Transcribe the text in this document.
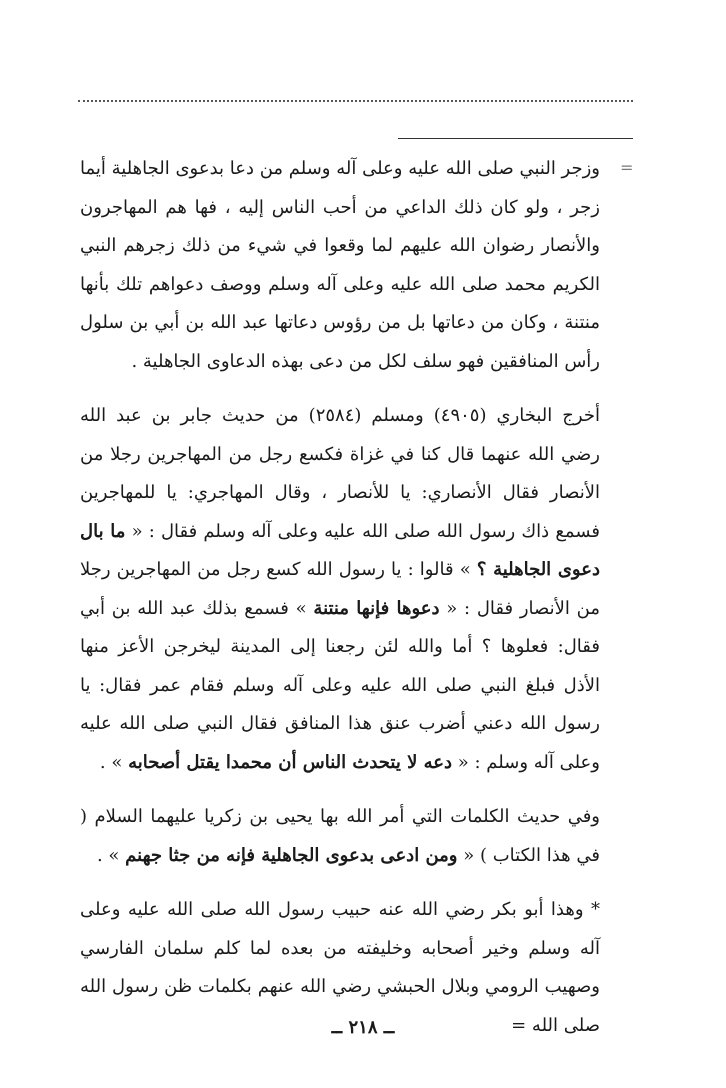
=

وزجر النبي صلى الله عليه وعلى آله وسلم من دعا بدعوى الجاهلية أيما زجر ، ولو كان ذلك الداعي من أحب الناس إليه ، فها هم المهاجرون والأنصار رضوان الله عليهم لما وقعوا في شيء من ذلك زجرهم النبي الكريم محمد صلى الله عليه وعلى آله وسلم ووصف دعواهم تلك بأنها منتنة ، وكان من دعاتها بل من رؤوس دعاتها عبد الله بن أبي بن سلول رأس المنافقين فهو سلف لكل من دعى بهذه الدعاوى الجاهلية .

أخرج البخاري (٤٩٠٥) ومسلم (٢٥٨٤) من حديث جابر بن عبد الله رضي الله عنهما قال كنا في غزاة فكسع رجل من المهاجرين رجلا من الأنصار فقال الأنصاري: يا للأنصار ، وقال المهاجري: يا للمهاجرين فسمع ذاك رسول الله صلى الله عليه وعلى آله وسلم فقال : « ما بال دعوى الجاهلية ؟ » قالوا : يا رسول الله كسع رجل من المهاجرين رجلا من الأنصار فقال : « دعوها فإنها منتنة » فسمع بذلك عبد الله بن أبي فقال: فعلوها ؟ أما والله لئن رجعنا إلى المدينة ليخرجن الأعز منها الأذل فبلغ النبي صلى الله عليه وعلى آله وسلم فقام عمر فقال: يا رسول الله دعني أضرب عنق هذا المنافق فقال النبي صلى الله عليه وعلى آله وسلم : « دعه لا يتحدث الناس أن محمدا يقتل أصحابه » .

وفي حديث الكلمات التي أمر الله بها يحيى بن زكريا عليهما السلام ( في هذا الكتاب ) « ومن ادعى بدعوى الجاهلية فإنه من جثا جهنم » .

* وهذا أبو بكر رضي الله عنه حبيب رسول الله صلى الله عليه وعلى آله وسلم وخير أصحابه وخليفته من بعده لما كلم سلمان الفارسي وصهيب الرومي وبلال الحبشي رضي الله عنهم بكلمات ظن رسول الله صلى الله =

ــ ٢١٨ ــ
